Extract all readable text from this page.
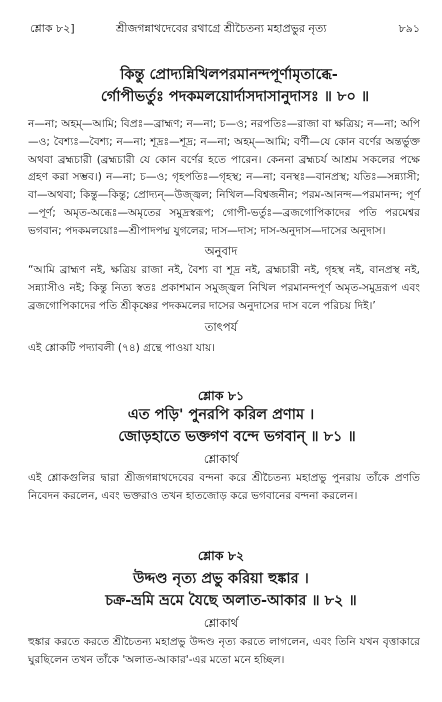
শ্লোক ৮২]	শ্রীজগন্নাথদেবের রথাগ্রে শ্রীচৈতন্য মহাপ্রভুর নৃত্য	৮৯১
কিন্তু প্রোদ্যন্নিখিলপরমানন্দপূর্ণামৃতাব্ধে-
র্গোপীভর্তুঃ পদকমলয়োর্দাসদাসানুদাসঃ ॥ ৮০ ॥
ন—না; অহম্—আমি; বিপ্রঃ—ব্রাহ্মণ; ন—না; চ—ও; নরপতিঃ—রাজা বা ক্ষত্রিয়; ন—না; অপি—ও; বৈশ্যঃ—বৈশ্য; ন—না; শূদ্রঃ—শূদ্র; ন—না; অহম্—আমি; বর্ণী—যে কোন বর্ণের অন্তর্ভুক্ত অথবা ব্রহ্মচারী (ব্রহ্মচারী যে কোন বর্ণের হতে পারেন। কেননা ব্রহ্মচর্য আশ্রম সকলের পক্ষে গ্রহণ করা সম্ভব।) ন—না; চ—ও; গৃহপতিঃ—গৃহস্থ; ন—না; বনস্থঃ—বানপ্রস্থ; যতিঃ—সন্ন্যাসী; বা—অথবা; কিন্তু—কিন্তু; প্রোদ্যন্—উজ্জ্বল; নিখিল—বিশ্বজনীন; পরম-আনন্দ—পরমানন্দ; পূর্ণ—পূর্ণ; অমৃত-অব্ধেঃ—অমৃতের সমুদ্রস্বরূপ; গোপী-ভর্তুঃ—ব্রজগোপিকাদের পতি পরমেশ্বর ভগবান; পদকমলয়োঃ—শ্রীপাদপদ্ম যুগলের; দাস—দাস; দাস-অনুদাস—দাসের অনুদাস।
অনুবাদ
“আমি ব্রাহ্মণ নই, ক্ষত্রিয় রাজা নই, বৈশ্য বা শূদ্র নই, ব্রহ্মচারী নই, গৃহস্থ নই, বানপ্রস্থ নই, সন্ন্যাসীও নই; কিন্তু নিত্য স্বতঃ প্রকাশমান সমুজ্জ্বল নিখিল পরমানন্দপূর্ণ অমৃত-সমুদ্ররূপ এবং ব্রজগোপিকাদের পতি শ্রীকৃষ্ণের পদকমলের দাসের অনুদাসের দাস বলে পরিচয় দিই।’
তাৎপর্য
এই শ্লোকটি পদ্যাবলী (৭৪) গ্রন্থে পাওয়া যায়।
শ্লোক ৮১
এত পড়ি' পুনরপি করিল প্রণাম ।
জোড়হাতে ভক্তগণ বন্দে ভগবান্ ॥ ৮১ ॥
শ্লোকার্থ
এই শ্লোকগুলির দ্বারা শ্রীজগন্নাথদেবের বন্দনা করে শ্রীচৈতন্য মহাপ্রভু পুনরায় তাঁকে প্রণতি নিবেদন করলেন, এবং ভক্তরাও তখন হাতজোড় করে ভগবানের বন্দনা করলেন।
শ্লোক ৮২
উদ্দণ্ড নৃত্য প্রভু করিয়া হুঙ্কার ।
চক্র-ভ্রমি ভ্রমে যৈছে অলাত-আকার ॥ ৮২ ॥
শ্লোকার্থ
হুঙ্কার করতে করতে শ্রীচৈতন্য মহাপ্রভু উদ্দণ্ড নৃত্য করতে লাগলেন, এবং তিনি যখন বৃত্তাকারে ঘুরছিলেন তখন তাঁকে 'অলাত-আকার'-এর মতো মনে হচ্ছিল।
